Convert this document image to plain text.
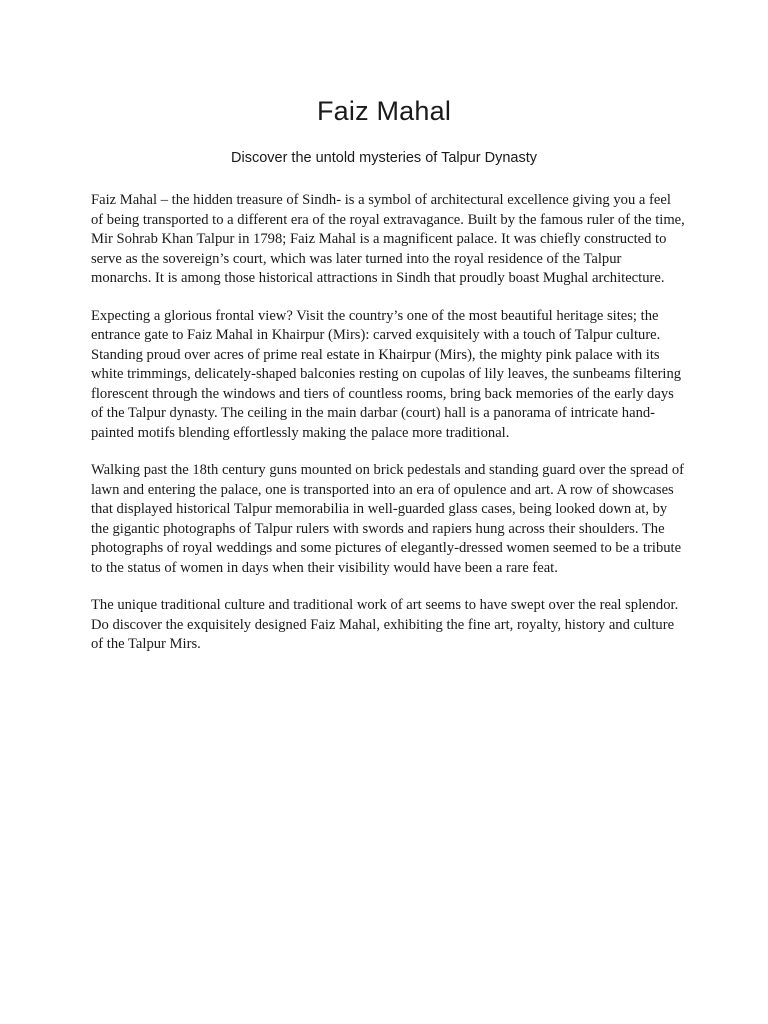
Faiz Mahal
Discover the untold mysteries of Talpur Dynasty

Faiz Mahal – the hidden treasure of Sindh- is a symbol of architectural excellence giving you a feel of being transported to a different era of the royal extravagance. Built by the famous ruler of the time, Mir Sohrab Khan Talpur in 1798; Faiz Mahal is a magnificent palace. It was chiefly constructed to serve as the sovereign’s court, which was later turned into the royal residence of the Talpur monarchs. It is among those historical attractions in Sindh that proudly boast Mughal architecture.

Expecting a glorious frontal view? Visit the country’s one of the most beautiful heritage sites; the entrance gate to Faiz Mahal in Khairpur (Mirs): carved exquisitely with a touch of Talpur culture. Standing proud over acres of prime real estate in Khairpur (Mirs), the mighty pink palace with its white trimmings, delicately-shaped balconies resting on cupolas of lily leaves, the sunbeams filtering florescent through the windows and tiers of countless rooms, bring back memories of the early days of the Talpur dynasty. The ceiling in the main darbar (court) hall is a panorama of intricate hand-painted motifs blending effortlessly making the palace more traditional.

Walking past the 18th century guns mounted on brick pedestals and standing guard over the spread of lawn and entering the palace, one is transported into an era of opulence and art. A row of showcases that displayed historical Talpur memorabilia in well-guarded glass cases, being looked down at, by the gigantic photographs of Talpur rulers with swords and rapiers hung across their shoulders. The photographs of royal weddings and some pictures of elegantly-dressed women seemed to be a tribute to the status of women in days when their visibility would have been a rare feat.

The unique traditional culture and traditional work of art seems to have swept over the real splendor. Do discover the exquisitely designed Faiz Mahal, exhibiting the fine art, royalty, history and culture of the Talpur Mirs.
